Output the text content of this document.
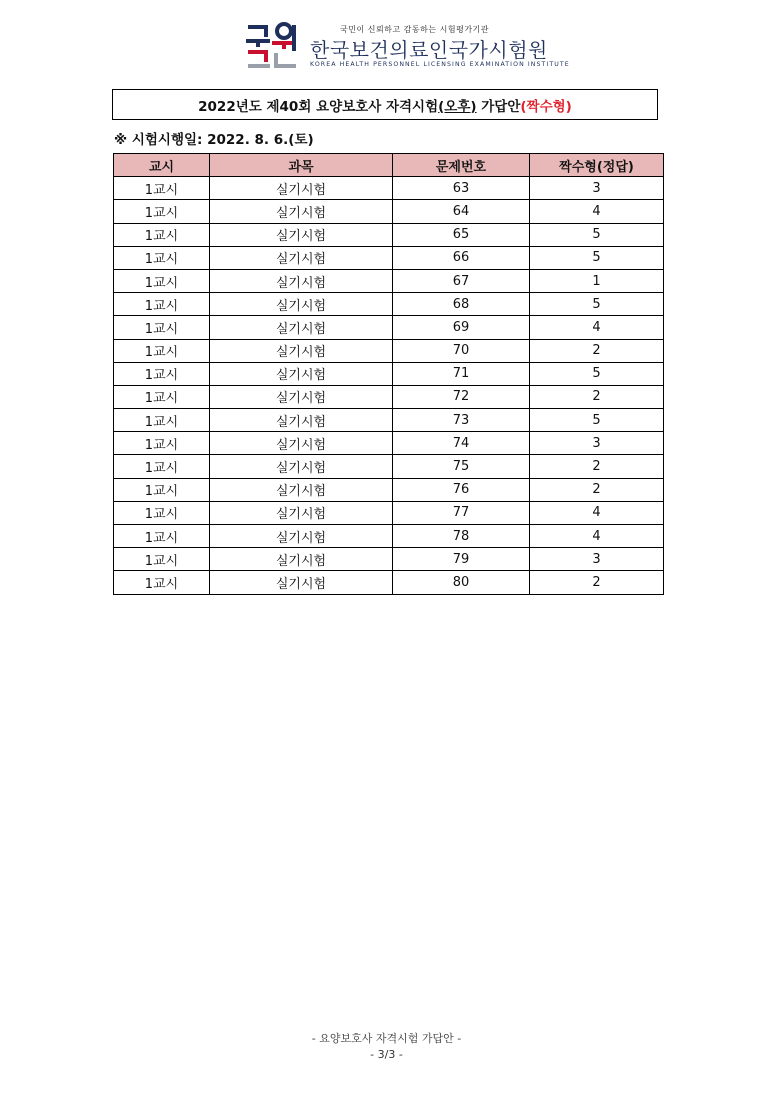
국민이 신뢰하고 감동하는 시험평가기관
한국보건의료인국가시험원
KOREA HEALTH PERSONNEL LICENSING EXAMINATION INSTITUTE
2022년도 제40회 요양보호사 자격시험 (오후) 가답안 (짝수형)
※ 시험시행일: 2022. 8. 6.(토)
교시	과목	문제번호	짝수형(정답)
1교시	실기시험	63	3
1교시	실기시험	64	4
1교시	실기시험	65	5
1교시	실기시험	66	5
1교시	실기시험	67	1
1교시	실기시험	68	5
1교시	실기시험	69	4
1교시	실기시험	70	2
1교시	실기시험	71	5
1교시	실기시험	72	2
1교시	실기시험	73	5
1교시	실기시험	74	3
1교시	실기시험	75	2
1교시	실기시험	76	2
1교시	실기시험	77	4
1교시	실기시험	78	4
1교시	실기시험	79	3
1교시	실기시험	80	2
- 요양보호사 자격시험 가답안 -
- 3/3 -
